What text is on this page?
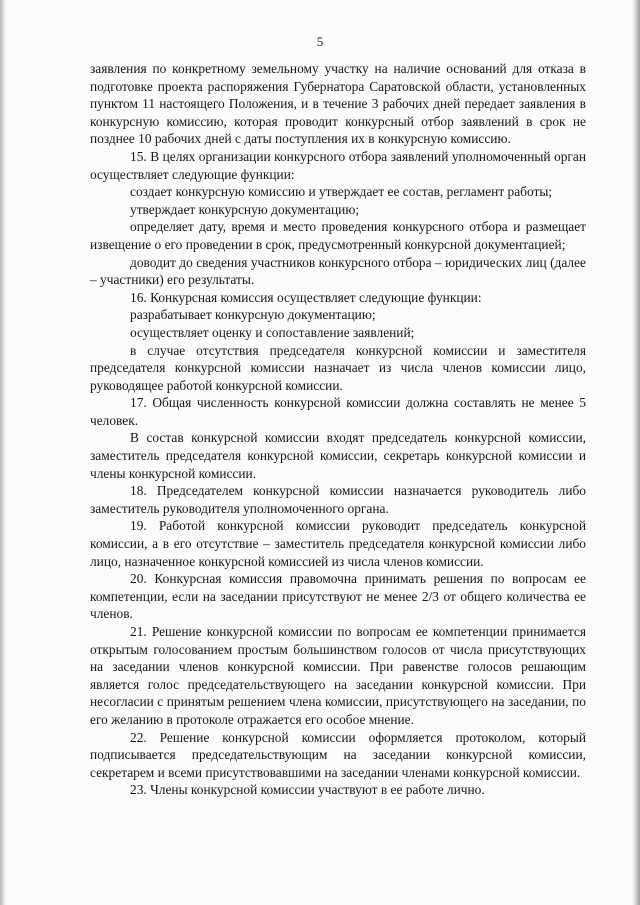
5

заявления по конкретному земельному участку на наличие оснований для отказа в подготовке проекта распоряжения Губернатора Саратовской области, установленных пунктом 11 настоящего Положения, и в течение 3 рабочих дней передает заявления в конкурсную комиссию, которая проводит конкурсный отбор заявлений в срок не позднее 10 рабочих дней с даты поступления их в конкурсную комиссию.

15. В целях организации конкурсного отбора заявлений уполномоченный орган осуществляет следующие функции:

создает конкурсную комиссию и утверждает ее состав, регламент работы;

утверждает конкурсную документацию;

определяет дату, время и место проведения конкурсного отбора и размещает извещение о его проведении в срок, предусмотренный конкурсной документацией;

доводит до сведения участников конкурсного отбора – юридических лиц (далее – участники) его результаты.

16. Конкурсная комиссия осуществляет следующие функции:

разрабатывает конкурсную документацию;

осуществляет оценку и сопоставление заявлений;

в случае отсутствия председателя конкурсной комиссии и заместителя председателя конкурсной комиссии назначает из числа членов комиссии лицо, руководящее работой конкурсной комиссии.

17. Общая численность конкурсной комиссии должна составлять не менее 5 человек.

В состав конкурсной комиссии входят председатель конкурсной комиссии, заместитель председателя конкурсной комиссии, секретарь конкурсной комиссии и члены конкурсной комиссии.

18. Председателем конкурсной комиссии назначается руководитель либо заместитель руководителя уполномоченного органа.

19. Работой конкурсной комиссии руководит председатель конкурсной комиссии, а в его отсутствие – заместитель председателя конкурсной комиссии либо лицо, назначенное конкурсной комиссией из числа членов комиссии.

20. Конкурсная комиссия правомочна принимать решения по вопросам ее компетенции, если на заседании присутствуют не менее 2/3 от общего количества ее членов.

21. Решение конкурсной комиссии по вопросам ее компетенции принимается открытым голосованием простым большинством голосов от числа присутствующих на заседании членов конкурсной комиссии. При равенстве голосов решающим является голос председательствующего на заседании конкурсной комиссии. При несогласии с принятым решением члена комиссии, присутствующего на заседании, по его желанию в протоколе отражается его особое мнение.

22. Решение конкурсной комиссии оформляется протоколом, который подписывается председательствующим на заседании конкурсной комиссии, секретарем и всеми присутствовавшими на заседании членами конкурсной комиссии.

23. Члены конкурсной комиссии участвуют в ее работе лично.
